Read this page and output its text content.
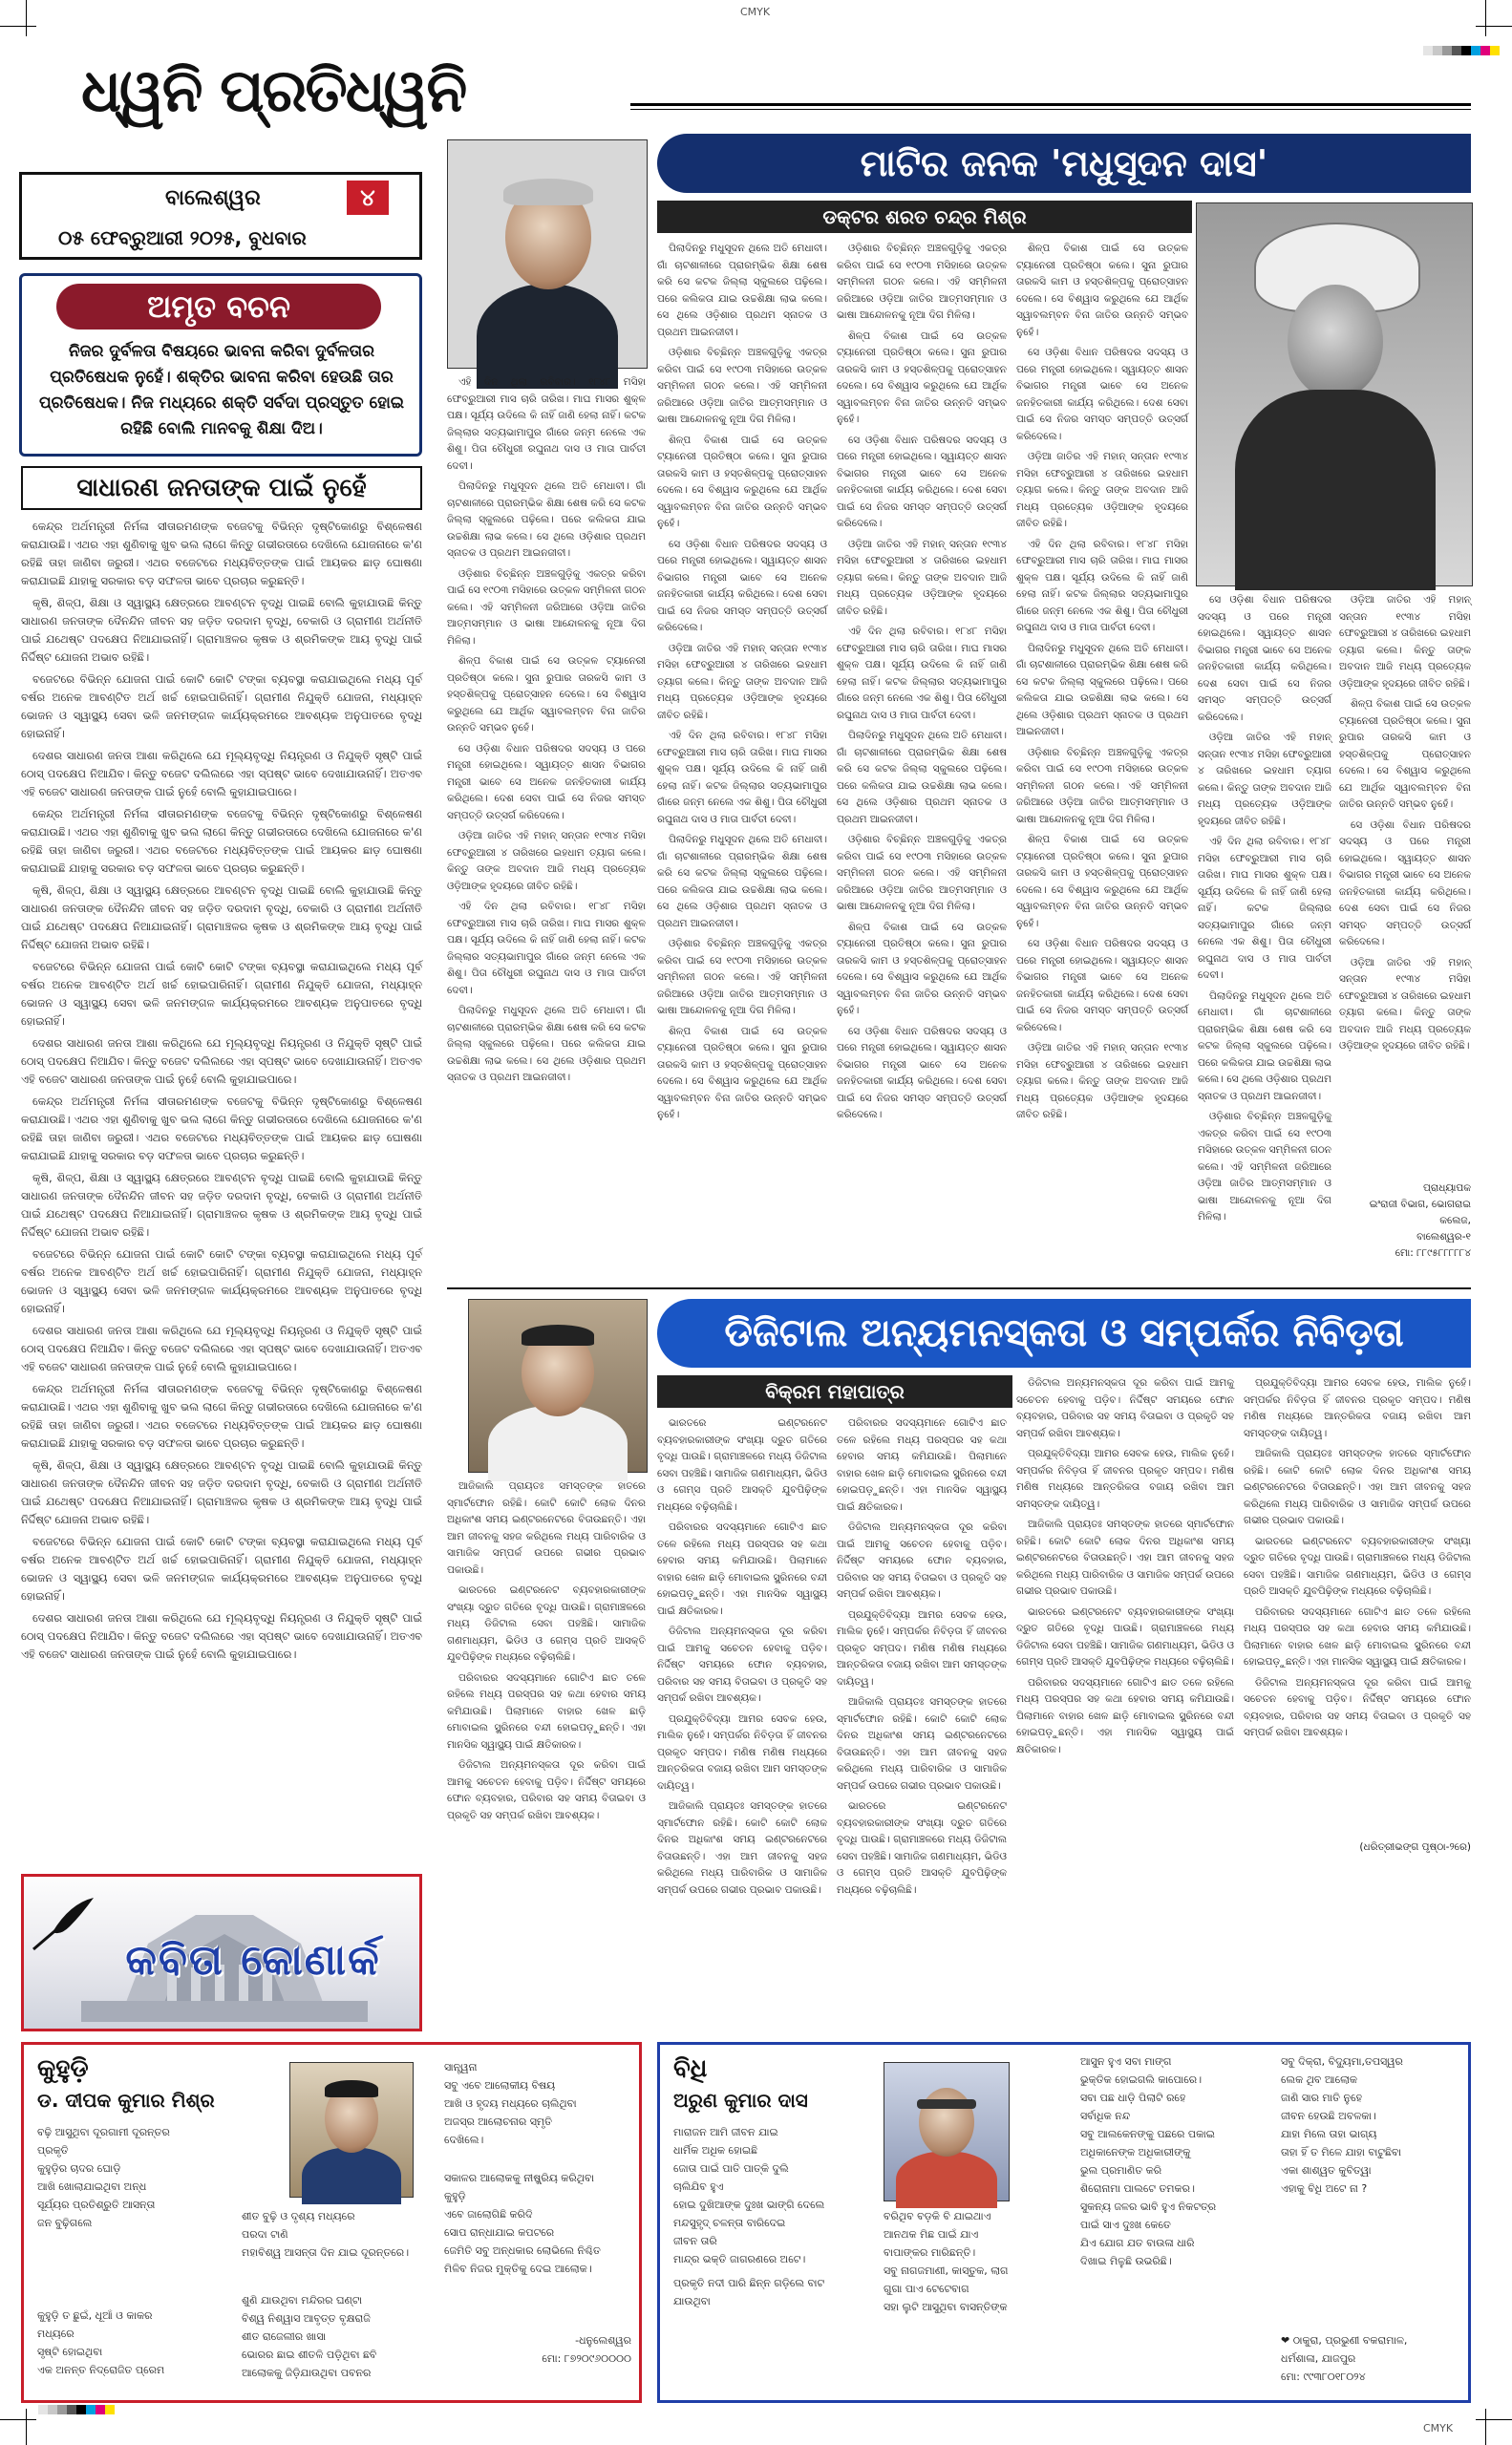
CMYK
CMYK
ଧ୍ୱନି ପ୍ରତିଧ୍ୱନି
ବାଲେଶ୍ୱର	୪
୦୫ ଫେବ୍ରୁଆରୀ ୨୦୨୫, ବୁଧବାର
ଅମୃତ ବଚନ
ନିଜର ଦୁର୍ବଳତା ବିଷୟରେ ଭାବନା କରିବା ଦୁର୍ବଳତାର ପ୍ରତିଷେଧକ ନୁହେଁ। ଶକ୍ତିର ଭାବନା କରିବା ହେଉଛି ତାର ପ୍ରତିଷେଧକ। ନିଜ ମଧ୍ୟରେ ଶକ୍ତି ସର୍ବଦା ପ୍ରସ୍ତୁତ ହୋଇ ରହିଛି ବୋଲି ମାନବକୁ ଶିକ୍ଷା ଦିଅ।
ସାଧାରଣ ଜନତାଙ୍କ ପାଇଁ ନୁହେଁ

କେନ୍ଦ୍ର ଅର୍ଥମନ୍ତ୍ରୀ ନିର୍ମଳା ସୀତାରମଣଙ୍କ ବଜେଟକୁ ବିଭିନ୍ନ ଦୃଷ୍ଟିକୋଣରୁ ବିଶ୍ଳେଷଣ କରାଯାଉଛି। ଏଥର ଏହା ଶୁଣିବାକୁ ଖୁବ ଭଲ ଲାଗେ କିନ୍ତୁ ଗଭୀରତାରେ ଦେଖିଲେ ଯୋଜନାରେ କ'ଣ ରହିଛି ତାହା ଜାଣିବା ଜରୁରୀ। ଏଥର ବଜେଟରେ ମଧ୍ୟବିତ୍ତଙ୍କ ପାଇଁ ଆୟକର ଛାଡ଼ ଘୋଷଣା କରାଯାଇଛି ଯାହାକୁ ସରକାର ବଡ଼ ସଫଳତା ଭାବେ ପ୍ରଚାର କରୁଛନ୍ତି।

କୃଷି, ଶିଳ୍ପ, ଶିକ୍ଷା ଓ ସ୍ୱାସ୍ଥ୍ୟ କ୍ଷେତ୍ରରେ ଆବଣ୍ଟନ ବୃଦ୍ଧି ପାଇଛି ବୋଲି କୁହାଯାଉଛି କିନ୍ତୁ ସାଧାରଣ ଜନତାଙ୍କ ଦୈନନ୍ଦିନ ଜୀବନ ସହ ଜଡ଼ିତ ଦରଦାମ ବୃଦ୍ଧି, ବେକାରି ଓ ଗ୍ରାମୀଣ ଅର୍ଥନୀତି ପାଇଁ ଯଥେଷ୍ଟ ପଦକ୍ଷେପ ନିଆଯାଇନାହିଁ। ଗ୍ରାମାଞ୍ଚଳର କୃଷକ ଓ ଶ୍ରମିକଙ୍କ ଆୟ ବୃଦ୍ଧି ପାଇଁ ନିର୍ଦ୍ଦିଷ୍ଟ ଯୋଜନା ଅଭାବ ରହିଛି।

ବଜେଟରେ ବିଭିନ୍ନ ଯୋଜନା ପାଇଁ କୋଟି କୋଟି ଟଙ୍କା ବ୍ୟବସ୍ଥା କରାଯାଇଥିଲେ ମଧ୍ୟ ପୂର୍ବ ବର୍ଷର ଅନେକ ଆବଣ୍ଟିତ ଅର୍ଥ ଖର୍ଚ୍ଚ ହୋଇପାରିନାହିଁ। ଗ୍ରାମୀଣ ନିଯୁକ୍ତି ଯୋଜନା, ମଧ୍ୟାହ୍ନ ଭୋଜନ ଓ ସ୍ୱାସ୍ଥ୍ୟ ସେବା ଭଳି ଜନମଙ୍ଗଳ କାର୍ଯ୍ୟକ୍ରମରେ ଆବଶ୍ୟକ ଅନୁପାତରେ ବୃଦ୍ଧି ହୋଇନାହିଁ।

ଦେଶର ସାଧାରଣ ଜନତା ଆଶା କରିଥିଲେ ଯେ ମୂଲ୍ୟବୃଦ୍ଧି ନିୟନ୍ତ୍ରଣ ଓ ନିଯୁକ୍ତି ସୃଷ୍ଟି ପାଇଁ ଠୋସ୍ ପଦକ୍ଷେପ ନିଆଯିବ। କିନ୍ତୁ ବଜେଟ ଦଲିଲରେ ଏହା ସ୍ପଷ୍ଟ ଭାବେ ଦେଖାଯାଉନାହିଁ। ଅତଏବ ଏହି ବଜେଟ ସାଧାରଣ ଜନତାଙ୍କ ପାଇଁ ନୁହେଁ ବୋଲି କୁହାଯାଇପାରେ।

କେନ୍ଦ୍ର ଅର୍ଥମନ୍ତ୍ରୀ ନିର୍ମଳା ସୀତାରମଣଙ୍କ ବଜେଟକୁ ବିଭିନ୍ନ ଦୃଷ୍ଟିକୋଣରୁ ବିଶ୍ଳେଷଣ କରାଯାଉଛି। ଏଥର ଏହା ଶୁଣିବାକୁ ଖୁବ ଭଲ ଲାଗେ କିନ୍ତୁ ଗଭୀରତାରେ ଦେଖିଲେ ଯୋଜନାରେ କ'ଣ ରହିଛି ତାହା ଜାଣିବା ଜରୁରୀ। ଏଥର ବଜେଟରେ ମଧ୍ୟବିତ୍ତଙ୍କ ପାଇଁ ଆୟକର ଛାଡ଼ ଘୋଷଣା କରାଯାଇଛି ଯାହାକୁ ସରକାର ବଡ଼ ସଫଳତା ଭାବେ ପ୍ରଚାର କରୁଛନ୍ତି।

କୃଷି, ଶିଳ୍ପ, ଶିକ୍ଷା ଓ ସ୍ୱାସ୍ଥ୍ୟ କ୍ଷେତ୍ରରେ ଆବଣ୍ଟନ ବୃଦ୍ଧି ପାଇଛି ବୋଲି କୁହାଯାଉଛି କିନ୍ତୁ ସାଧାରଣ ଜନତାଙ୍କ ଦୈନନ୍ଦିନ ଜୀବନ ସହ ଜଡ଼ିତ ଦରଦାମ ବୃଦ୍ଧି, ବେକାରି ଓ ଗ୍ରାମୀଣ ଅର୍ଥନୀତି ପାଇଁ ଯଥେଷ୍ଟ ପଦକ୍ଷେପ ନିଆଯାଇନାହିଁ। ଗ୍ରାମାଞ୍ଚଳର କୃଷକ ଓ ଶ୍ରମିକଙ୍କ ଆୟ ବୃଦ୍ଧି ପାଇଁ ନିର୍ଦ୍ଦିଷ୍ଟ ଯୋଜନା ଅଭାବ ରହିଛି।

ବଜେଟରେ ବିଭିନ୍ନ ଯୋଜନା ପାଇଁ କୋଟି କୋଟି ଟଙ୍କା ବ୍ୟବସ୍ଥା କରାଯାଇଥିଲେ ମଧ୍ୟ ପୂର୍ବ ବର୍ଷର ଅନେକ ଆବଣ୍ଟିତ ଅର୍ଥ ଖର୍ଚ୍ଚ ହୋଇପାରିନାହିଁ। ଗ୍ରାମୀଣ ନିଯୁକ୍ତି ଯୋଜନା, ମଧ୍ୟାହ୍ନ ଭୋଜନ ଓ ସ୍ୱାସ୍ଥ୍ୟ ସେବା ଭଳି ଜନମଙ୍ଗଳ କାର୍ଯ୍ୟକ୍ରମରେ ଆବଶ୍ୟକ ଅନୁପାତରେ ବୃଦ୍ଧି ହୋଇନାହିଁ।

ଦେଶର ସାଧାରଣ ଜନତା ଆଶା କରିଥିଲେ ଯେ ମୂଲ୍ୟବୃଦ୍ଧି ନିୟନ୍ତ୍ରଣ ଓ ନିଯୁକ୍ତି ସୃଷ୍ଟି ପାଇଁ ଠୋସ୍ ପଦକ୍ଷେପ ନିଆଯିବ। କିନ୍ତୁ ବଜେଟ ଦଲିଲରେ ଏହା ସ୍ପଷ୍ଟ ଭାବେ ଦେଖାଯାଉନାହିଁ। ଅତଏବ ଏହି ବଜେଟ ସାଧାରଣ ଜନତାଙ୍କ ପାଇଁ ନୁହେଁ ବୋଲି କୁହାଯାଇପାରେ।

କେନ୍ଦ୍ର ଅର୍ଥମନ୍ତ୍ରୀ ନିର୍ମଳା ସୀତାରମଣଙ୍କ ବଜେଟକୁ ବିଭିନ୍ନ ଦୃଷ୍ଟିକୋଣରୁ ବିଶ୍ଳେଷଣ କରାଯାଉଛି। ଏଥର ଏହା ଶୁଣିବାକୁ ଖୁବ ଭଲ ଲାଗେ କିନ୍ତୁ ଗଭୀରତାରେ ଦେଖିଲେ ଯୋଜନାରେ କ'ଣ ରହିଛି ତାହା ଜାଣିବା ଜରୁରୀ। ଏଥର ବଜେଟରେ ମଧ୍ୟବିତ୍ତଙ୍କ ପାଇଁ ଆୟକର ଛାଡ଼ ଘୋଷଣା କରାଯାଇଛି ଯାହାକୁ ସରକାର ବଡ଼ ସଫଳତା ଭାବେ ପ୍ରଚାର କରୁଛନ୍ତି।

କୃଷି, ଶିଳ୍ପ, ଶିକ୍ଷା ଓ ସ୍ୱାସ୍ଥ୍ୟ କ୍ଷେତ୍ରରେ ଆବଣ୍ଟନ ବୃଦ୍ଧି ପାଇଛି ବୋଲି କୁହାଯାଉଛି କିନ୍ତୁ ସାଧାରଣ ଜନତାଙ୍କ ଦୈନନ୍ଦିନ ଜୀବନ ସହ ଜଡ଼ିତ ଦରଦାମ ବୃଦ୍ଧି, ବେକାରି ଓ ଗ୍ରାମୀଣ ଅର୍ଥନୀତି ପାଇଁ ଯଥେଷ୍ଟ ପଦକ୍ଷେପ ନିଆଯାଇନାହିଁ। ଗ୍ରାମାଞ୍ଚଳର କୃଷକ ଓ ଶ୍ରମିକଙ୍କ ଆୟ ବୃଦ୍ଧି ପାଇଁ ନିର୍ଦ୍ଦିଷ୍ଟ ଯୋଜନା ଅଭାବ ରହିଛି।

ବଜେଟରେ ବିଭିନ୍ନ ଯୋଜନା ପାଇଁ କୋଟି କୋଟି ଟଙ୍କା ବ୍ୟବସ୍ଥା କରାଯାଇଥିଲେ ମଧ୍ୟ ପୂର୍ବ ବର୍ଷର ଅନେକ ଆବଣ୍ଟିତ ଅର୍ଥ ଖର୍ଚ୍ଚ ହୋଇପାରିନାହିଁ। ଗ୍ରାମୀଣ ନିଯୁକ୍ତି ଯୋଜନା, ମଧ୍ୟାହ୍ନ ଭୋଜନ ଓ ସ୍ୱାସ୍ଥ୍ୟ ସେବା ଭଳି ଜନମଙ୍ଗଳ କାର୍ଯ୍ୟକ୍ରମରେ ଆବଶ୍ୟକ ଅନୁପାତରେ ବୃଦ୍ଧି ହୋଇନାହିଁ।

ଦେଶର ସାଧାରଣ ଜନତା ଆଶା କରିଥିଲେ ଯେ ମୂଲ୍ୟବୃଦ୍ଧି ନିୟନ୍ତ୍ରଣ ଓ ନିଯୁକ୍ତି ସୃଷ୍ଟି ପାଇଁ ଠୋସ୍ ପଦକ୍ଷେପ ନିଆଯିବ। କିନ୍ତୁ ବଜେଟ ଦଲିଲରେ ଏହା ସ୍ପଷ୍ଟ ଭାବେ ଦେଖାଯାଉନାହିଁ। ଅତଏବ ଏହି ବଜେଟ ସାଧାରଣ ଜନତାଙ୍କ ପାଇଁ ନୁହେଁ ବୋଲି କୁହାଯାଇପାରେ।

କେନ୍ଦ୍ର ଅର୍ଥମନ୍ତ୍ରୀ ନିର୍ମଳା ସୀତାରମଣଙ୍କ ବଜେଟକୁ ବିଭିନ୍ନ ଦୃଷ୍ଟିକୋଣରୁ ବିଶ୍ଳେଷଣ କରାଯାଉଛି। ଏଥର ଏହା ଶୁଣିବାକୁ ଖୁବ ଭଲ ଲାଗେ କିନ୍ତୁ ଗଭୀରତାରେ ଦେଖିଲେ ଯୋଜନାରେ କ'ଣ ରହିଛି ତାହା ଜାଣିବା ଜରୁରୀ। ଏଥର ବଜେଟରେ ମଧ୍ୟବିତ୍ତଙ୍କ ପାଇଁ ଆୟକର ଛାଡ଼ ଘୋଷଣା କରାଯାଇଛି ଯାହାକୁ ସରକାର ବଡ଼ ସଫଳତା ଭାବେ ପ୍ରଚାର କରୁଛନ୍ତି।

କୃଷି, ଶିଳ୍ପ, ଶିକ୍ଷା ଓ ସ୍ୱାସ୍ଥ୍ୟ କ୍ଷେତ୍ରରେ ଆବଣ୍ଟନ ବୃଦ୍ଧି ପାଇଛି ବୋଲି କୁହାଯାଉଛି କିନ୍ତୁ ସାଧାରଣ ଜନତାଙ୍କ ଦୈନନ୍ଦିନ ଜୀବନ ସହ ଜଡ଼ିତ ଦରଦାମ ବୃଦ୍ଧି, ବେକାରି ଓ ଗ୍ରାମୀଣ ଅର୍ଥନୀତି ପାଇଁ ଯଥେଷ୍ଟ ପଦକ୍ଷେପ ନିଆଯାଇନାହିଁ। ଗ୍ରାମାଞ୍ଚଳର କୃଷକ ଓ ଶ୍ରମିକଙ୍କ ଆୟ ବୃଦ୍ଧି ପାଇଁ ନିର୍ଦ୍ଦିଷ୍ଟ ଯୋଜନା ଅଭାବ ରହିଛି।

ବଜେଟରେ ବିଭିନ୍ନ ଯୋଜନା ପାଇଁ କୋଟି କୋଟି ଟଙ୍କା ବ୍ୟବସ୍ଥା କରାଯାଇଥିଲେ ମଧ୍ୟ ପୂର୍ବ ବର୍ଷର ଅନେକ ଆବଣ୍ଟିତ ଅର୍ଥ ଖର୍ଚ୍ଚ ହୋଇପାରିନାହିଁ। ଗ୍ରାମୀଣ ନିଯୁକ୍ତି ଯୋଜନା, ମଧ୍ୟାହ୍ନ ଭୋଜନ ଓ ସ୍ୱାସ୍ଥ୍ୟ ସେବା ଭଳି ଜନମଙ୍ଗଳ କାର୍ଯ୍ୟକ୍ରମରେ ଆବଶ୍ୟକ ଅନୁପାତରେ ବୃଦ୍ଧି ହୋଇନାହିଁ।

ଦେଶର ସାଧାରଣ ଜନତା ଆଶା କରିଥିଲେ ଯେ ମୂଲ୍ୟବୃଦ୍ଧି ନିୟନ୍ତ୍ରଣ ଓ ନିଯୁକ୍ତି ସୃଷ୍ଟି ପାଇଁ ଠୋସ୍ ପଦକ୍ଷେପ ନିଆଯିବ। କିନ୍ତୁ ବଜେଟ ଦଲିଲରେ ଏହା ସ୍ପଷ୍ଟ ଭାବେ ଦେଖାଯାଉନାହିଁ। ଅତଏବ ଏହି ବଜେଟ ସାଧାରଣ ଜନତାଙ୍କ ପାଇଁ ନୁହେଁ ବୋଲି କୁହାଯାଇପାରେ।

କବିତା କୋଣାର୍କ
ମାଟିର ଜନକ 'ମଧୁସୂଦନ ଦାସ'
ଡକ୍ଟର ଶରତ ଚନ୍ଦ୍ର ମିଶ୍ର

ଏହି ଦିନ ଥିଲା ରବିବାର। ୧୮୪୮ ମସିହା ଫେବ୍ରୁଆରୀ ମାସ ଚାରି ତାରିଖ। ମାଘ ମାସର ଶୁକ୍ଳ ପକ୍ଷ। ସୂର୍ଯ୍ୟ ଉଦିଲେ କି ନାହିଁ ଜାଣି ହେଲା ନାହିଁ। କଟକ ଜିଲ୍ଲାର ସତ୍ୟଭାମାପୁର ଗାଁରେ ଜନ୍ମ ନେଲେ ଏକ ଶିଶୁ। ପିତା ଚୌଧୁରୀ ରଘୁନାଥ ଦାସ ଓ ମାତା ପାର୍ବତୀ ଦେବୀ।

ପିଲାଦିନରୁ ମଧୁସୂଦନ ଥିଲେ ଅତି ମେଧାବୀ। ଗାଁ ଚାଟଶାଳୀରେ ପ୍ରାରମ୍ଭିକ ଶିକ୍ଷା ଶେଷ କରି ସେ କଟକ ଜିଲ୍ଲା ସ୍କୁଲରେ ପଢ଼ିଲେ। ପରେ କଲିକତା ଯାଇ ଉଚ୍ଚଶିକ୍ଷା ଲାଭ କଲେ। ସେ ଥିଲେ ଓଡ଼ିଶାର ପ୍ରଥମ ସ୍ନାତକ ଓ ପ୍ରଥମ ଆଇନଜୀବୀ।

ଓଡ଼ିଶାର ବିଚ୍ଛିନ୍ନ ଅଞ୍ଚଳଗୁଡ଼ିକୁ ଏକତ୍ର କରିବା ପାଇଁ ସେ ୧୯୦୩ ମସିହାରେ ଉତ୍କଳ ସମ୍ମିଳନୀ ଗଠନ କଲେ। ଏହି ସମ୍ମିଳନୀ ଜରିଆରେ ଓଡ଼ିଆ ଜାତିର ଆତ୍ମସମ୍ମାନ ଓ ଭାଷା ଆନ୍ଦୋଳନକୁ ନୂଆ ଦିଗ ମିଳିଲା।

ଶିଳ୍ପ ବିକାଶ ପାଇଁ ସେ ଉତ୍କଳ ଟ୍ୟାନେରୀ ପ୍ରତିଷ୍ଠା କଲେ। ସୁନା ରୁପାର ତାରକସି କାମ ଓ ହସ୍ତଶିଳ୍ପକୁ ପ୍ରୋତ୍ସାହନ ଦେଲେ। ସେ ବିଶ୍ୱାସ କରୁଥିଲେ ଯେ ଆର୍ଥିକ ସ୍ୱାବଲମ୍ବନ ବିନା ଜାତିର ଉନ୍ନତି ସମ୍ଭବ ନୁହେଁ।

ସେ ଓଡ଼ିଶା ବିଧାନ ପରିଷଦର ସଦସ୍ୟ ଓ ପରେ ମନ୍ତ୍ରୀ ହୋଇଥିଲେ। ସ୍ୱାୟତ୍ତ ଶାସନ ବିଭାଗର ମନ୍ତ୍ରୀ ଭାବେ ସେ ଅନେକ ଜନହିତକାରୀ କାର୍ଯ୍ୟ କରିଥିଲେ। ଦେଶ ସେବା ପାଇଁ ସେ ନିଜର ସମସ୍ତ ସମ୍ପତ୍ତି ଉତ୍ସର୍ଗ କରିଦେଲେ।

ଓଡ଼ିଆ ଜାତିର ଏହି ମହାନ୍ ସନ୍ତାନ ୧୯୩୪ ମସିହା ଫେବ୍ରୁଆରୀ ୪ ତାରିଖରେ ଇହଧାମ ତ୍ୟାଗ କଲେ। କିନ୍ତୁ ତାଙ୍କ ଅବଦାନ ଆଜି ମଧ୍ୟ ପ୍ରତ୍ୟେକ ଓଡ଼ିଆଙ୍କ ହୃଦୟରେ ଜୀବିତ ରହିଛି।

ଏହି ଦିନ ଥିଲା ରବିବାର। ୧୮୪୮ ମସିହା ଫେବ୍ରୁଆରୀ ମାସ ଚାରି ତାରିଖ। ମାଘ ମାସର ଶୁକ୍ଳ ପକ୍ଷ। ସୂର୍ଯ୍ୟ ଉଦିଲେ କି ନାହିଁ ଜାଣି ହେଲା ନାହିଁ। କଟକ ଜିଲ୍ଲାର ସତ୍ୟଭାମାପୁର ଗାଁରେ ଜନ୍ମ ନେଲେ ଏକ ଶିଶୁ। ପିତା ଚୌଧୁରୀ ରଘୁନାଥ ଦାସ ଓ ମାତା ପାର୍ବତୀ ଦେବୀ।

ପିଲାଦିନରୁ ମଧୁସୂଦନ ଥିଲେ ଅତି ମେଧାବୀ। ଗାଁ ଚାଟଶାଳୀରେ ପ୍ରାରମ୍ଭିକ ଶିକ୍ଷା ଶେଷ କରି ସେ କଟକ ଜିଲ୍ଲା ସ୍କୁଲରେ ପଢ଼ିଲେ। ପରେ କଲିକତା ଯାଇ ଉଚ୍ଚଶିକ୍ଷା ଲାଭ କଲେ। ସେ ଥିଲେ ଓଡ଼ିଶାର ପ୍ରଥମ ସ୍ନାତକ ଓ ପ୍ରଥମ ଆଇନଜୀବୀ।

ପିଲାଦିନରୁ ମଧୁସୂଦନ ଥିଲେ ଅତି ମେଧାବୀ। ଗାଁ ଚାଟଶାଳୀରେ ପ୍ରାରମ୍ଭିକ ଶିକ୍ଷା ଶେଷ କରି ସେ କଟକ ଜିଲ୍ଲା ସ୍କୁଲରେ ପଢ଼ିଲେ। ପରେ କଲିକତା ଯାଇ ଉଚ୍ଚଶିକ୍ଷା ଲାଭ କଲେ। ସେ ଥିଲେ ଓଡ଼ିଶାର ପ୍ରଥମ ସ୍ନାତକ ଓ ପ୍ରଥମ ଆଇନଜୀବୀ।

ଓଡ଼ିଶାର ବିଚ୍ଛିନ୍ନ ଅଞ୍ଚଳଗୁଡ଼ିକୁ ଏକତ୍ର କରିବା ପାଇଁ ସେ ୧୯୦୩ ମସିହାରେ ଉତ୍କଳ ସମ୍ମିଳନୀ ଗଠନ କଲେ। ଏହି ସମ୍ମିଳନୀ ଜରିଆରେ ଓଡ଼ିଆ ଜାତିର ଆତ୍ମସମ୍ମାନ ଓ ଭାଷା ଆନ୍ଦୋଳନକୁ ନୂଆ ଦିଗ ମିଳିଲା।

ଶିଳ୍ପ ବିକାଶ ପାଇଁ ସେ ଉତ୍କଳ ଟ୍ୟାନେରୀ ପ୍ରତିଷ୍ଠା କଲେ। ସୁନା ରୁପାର ତାରକସି କାମ ଓ ହସ୍ତଶିଳ୍ପକୁ ପ୍ରୋତ୍ସାହନ ଦେଲେ। ସେ ବିଶ୍ୱାସ କରୁଥିଲେ ଯେ ଆର୍ଥିକ ସ୍ୱାବଲମ୍ବନ ବିନା ଜାତିର ଉନ୍ନତି ସମ୍ଭବ ନୁହେଁ।

ସେ ଓଡ଼ିଶା ବିଧାନ ପରିଷଦର ସଦସ୍ୟ ଓ ପରେ ମନ୍ତ୍ରୀ ହୋଇଥିଲେ। ସ୍ୱାୟତ୍ତ ଶାସନ ବିଭାଗର ମନ୍ତ୍ରୀ ଭାବେ ସେ ଅନେକ ଜନହିତକାରୀ କାର୍ଯ୍ୟ କରିଥିଲେ। ଦେଶ ସେବା ପାଇଁ ସେ ନିଜର ସମସ୍ତ ସମ୍ପତ୍ତି ଉତ୍ସର୍ଗ କରିଦେଲେ।

ଓଡ଼ିଆ ଜାତିର ଏହି ମହାନ୍ ସନ୍ତାନ ୧୯୩୪ ମସିହା ଫେବ୍ରୁଆରୀ ୪ ତାରିଖରେ ଇହଧାମ ତ୍ୟାଗ କଲେ। କିନ୍ତୁ ତାଙ୍କ ଅବଦାନ ଆଜି ମଧ୍ୟ ପ୍ରତ୍ୟେକ ଓଡ଼ିଆଙ୍କ ହୃଦୟରେ ଜୀବିତ ରହିଛି।

ଏହି ଦିନ ଥିଲା ରବିବାର। ୧୮୪୮ ମସିହା ଫେବ୍ରୁଆରୀ ମାସ ଚାରି ତାରିଖ। ମାଘ ମାସର ଶୁକ୍ଳ ପକ୍ଷ। ସୂର୍ଯ୍ୟ ଉଦିଲେ କି ନାହିଁ ଜାଣି ହେଲା ନାହିଁ। କଟକ ଜିଲ୍ଲାର ସତ୍ୟଭାମାପୁର ଗାଁରେ ଜନ୍ମ ନେଲେ ଏକ ଶିଶୁ। ପିତା ଚୌଧୁରୀ ରଘୁନାଥ ଦାସ ଓ ମାତା ପାର୍ବତୀ ଦେବୀ।

ପିଲାଦିନରୁ ମଧୁସୂଦନ ଥିଲେ ଅତି ମେଧାବୀ। ଗାଁ ଚାଟଶାଳୀରେ ପ୍ରାରମ୍ଭିକ ଶିକ୍ଷା ଶେଷ କରି ସେ କଟକ ଜିଲ୍ଲା ସ୍କୁଲରେ ପଢ଼ିଲେ। ପରେ କଲିକତା ଯାଇ ଉଚ୍ଚଶିକ୍ଷା ଲାଭ କଲେ। ସେ ଥିଲେ ଓଡ଼ିଶାର ପ୍ରଥମ ସ୍ନାତକ ଓ ପ୍ରଥମ ଆଇନଜୀବୀ।

ଓଡ଼ିଶାର ବିଚ୍ଛିନ୍ନ ଅଞ୍ଚଳଗୁଡ଼ିକୁ ଏକତ୍ର କରିବା ପାଇଁ ସେ ୧୯୦୩ ମସିହାରେ ଉତ୍କଳ ସମ୍ମିଳନୀ ଗଠନ କଲେ। ଏହି ସମ୍ମିଳନୀ ଜରିଆରେ ଓଡ଼ିଆ ଜାତିର ଆତ୍ମସମ୍ମାନ ଓ ଭାଷା ଆନ୍ଦୋଳନକୁ ନୂଆ ଦିଗ ମିଳିଲା।

ଶିଳ୍ପ ବିକାଶ ପାଇଁ ସେ ଉତ୍କଳ ଟ୍ୟାନେରୀ ପ୍ରତିଷ୍ଠା କଲେ। ସୁନା ରୁପାର ତାରକସି କାମ ଓ ହସ୍ତଶିଳ୍ପକୁ ପ୍ରୋତ୍ସାହନ ଦେଲେ। ସେ ବିଶ୍ୱାସ କରୁଥିଲେ ଯେ ଆର୍ଥିକ ସ୍ୱାବଲମ୍ବନ ବିନା ଜାତିର ଉନ୍ନତି ସମ୍ଭବ ନୁହେଁ।

ଓଡ଼ିଶାର ବିଚ୍ଛିନ୍ନ ଅଞ୍ଚଳଗୁଡ଼ିକୁ ଏକତ୍ର କରିବା ପାଇଁ ସେ ୧୯୦୩ ମସିହାରେ ଉତ୍କଳ ସମ୍ମିଳନୀ ଗଠନ କଲେ। ଏହି ସମ୍ମିଳନୀ ଜରିଆରେ ଓଡ଼ିଆ ଜାତିର ଆତ୍ମସମ୍ମାନ ଓ ଭାଷା ଆନ୍ଦୋଳନକୁ ନୂଆ ଦିଗ ମିଳିଲା।

ଶିଳ୍ପ ବିକାଶ ପାଇଁ ସେ ଉତ୍କଳ ଟ୍ୟାନେରୀ ପ୍ରତିଷ୍ଠା କଲେ। ସୁନା ରୁପାର ତାରକସି କାମ ଓ ହସ୍ତଶିଳ୍ପକୁ ପ୍ରୋତ୍ସାହନ ଦେଲେ। ସେ ବିଶ୍ୱାସ କରୁଥିଲେ ଯେ ଆର୍ଥିକ ସ୍ୱାବଲମ୍ବନ ବିନା ଜାତିର ଉନ୍ନତି ସମ୍ଭବ ନୁହେଁ।

ସେ ଓଡ଼ିଶା ବିଧାନ ପରିଷଦର ସଦସ୍ୟ ଓ ପରେ ମନ୍ତ୍ରୀ ହୋଇଥିଲେ। ସ୍ୱାୟତ୍ତ ଶାସନ ବିଭାଗର ମନ୍ତ୍ରୀ ଭାବେ ସେ ଅନେକ ଜନହିତକାରୀ କାର୍ଯ୍ୟ କରିଥିଲେ। ଦେଶ ସେବା ପାଇଁ ସେ ନିଜର ସମସ୍ତ ସମ୍ପତ୍ତି ଉତ୍ସର୍ଗ କରିଦେଲେ।

ଓଡ଼ିଆ ଜାତିର ଏହି ମହାନ୍ ସନ୍ତାନ ୧୯୩୪ ମସିହା ଫେବ୍ରୁଆରୀ ୪ ତାରିଖରେ ଇହଧାମ ତ୍ୟାଗ କଲେ। କିନ୍ତୁ ତାଙ୍କ ଅବଦାନ ଆଜି ମଧ୍ୟ ପ୍ରତ୍ୟେକ ଓଡ଼ିଆଙ୍କ ହୃଦୟରେ ଜୀବିତ ରହିଛି।

ଏହି ଦିନ ଥିଲା ରବିବାର। ୧୮୪୮ ମସିହା ଫେବ୍ରୁଆରୀ ମାସ ଚାରି ତାରିଖ। ମାଘ ମାସର ଶୁକ୍ଳ ପକ୍ଷ। ସୂର୍ଯ୍ୟ ଉଦିଲେ କି ନାହିଁ ଜାଣି ହେଲା ନାହିଁ। କଟକ ଜିଲ୍ଲାର ସତ୍ୟଭାମାପୁର ଗାଁରେ ଜନ୍ମ ନେଲେ ଏକ ଶିଶୁ। ପିତା ଚୌଧୁରୀ ରଘୁନାଥ ଦାସ ଓ ମାତା ପାର୍ବତୀ ଦେବୀ।

ପିଲାଦିନରୁ ମଧୁସୂଦନ ଥିଲେ ଅତି ମେଧାବୀ। ଗାଁ ଚାଟଶାଳୀରେ ପ୍ରାରମ୍ଭିକ ଶିକ୍ଷା ଶେଷ କରି ସେ କଟକ ଜିଲ୍ଲା ସ୍କୁଲରେ ପଢ଼ିଲେ। ପରେ କଲିକତା ଯାଇ ଉଚ୍ଚଶିକ୍ଷା ଲାଭ କଲେ। ସେ ଥିଲେ ଓଡ଼ିଶାର ପ୍ରଥମ ସ୍ନାତକ ଓ ପ୍ରଥମ ଆଇନଜୀବୀ।

ଓଡ଼ିଶାର ବିଚ୍ଛିନ୍ନ ଅଞ୍ଚଳଗୁଡ଼ିକୁ ଏକତ୍ର କରିବା ପାଇଁ ସେ ୧୯୦୩ ମସିହାରେ ଉତ୍କଳ ସମ୍ମିଳନୀ ଗଠନ କଲେ। ଏହି ସମ୍ମିଳନୀ ଜରିଆରେ ଓଡ଼ିଆ ଜାତିର ଆତ୍ମସମ୍ମାନ ଓ ଭାଷା ଆନ୍ଦୋଳନକୁ ନୂଆ ଦିଗ ମିଳିଲା।

ଶିଳ୍ପ ବିକାଶ ପାଇଁ ସେ ଉତ୍କଳ ଟ୍ୟାନେରୀ ପ୍ରତିଷ୍ଠା କଲେ। ସୁନା ରୁପାର ତାରକସି କାମ ଓ ହସ୍ତଶିଳ୍ପକୁ ପ୍ରୋତ୍ସାହନ ଦେଲେ। ସେ ବିଶ୍ୱାସ କରୁଥିଲେ ଯେ ଆର୍ଥିକ ସ୍ୱାବଲମ୍ବନ ବିନା ଜାତିର ଉନ୍ନତି ସମ୍ଭବ ନୁହେଁ।

ସେ ଓଡ଼ିଶା ବିଧାନ ପରିଷଦର ସଦସ୍ୟ ଓ ପରେ ମନ୍ତ୍ରୀ ହୋଇଥିଲେ। ସ୍ୱାୟତ୍ତ ଶାସନ ବିଭାଗର ମନ୍ତ୍ରୀ ଭାବେ ସେ ଅନେକ ଜନହିତକାରୀ କାର୍ଯ୍ୟ କରିଥିଲେ। ଦେଶ ସେବା ପାଇଁ ସେ ନିଜର ସମସ୍ତ ସମ୍ପତ୍ତି ଉତ୍ସର୍ଗ କରିଦେଲେ।

ଶିଳ୍ପ ବିକାଶ ପାଇଁ ସେ ଉତ୍କଳ ଟ୍ୟାନେରୀ ପ୍ରତିଷ୍ଠା କଲେ। ସୁନା ରୁପାର ତାରକସି କାମ ଓ ହସ୍ତଶିଳ୍ପକୁ ପ୍ରୋତ୍ସାହନ ଦେଲେ। ସେ ବିଶ୍ୱାସ କରୁଥିଲେ ଯେ ଆର୍ଥିକ ସ୍ୱାବଲମ୍ବନ ବିନା ଜାତିର ଉନ୍ନତି ସମ୍ଭବ ନୁହେଁ।

ସେ ଓଡ଼ିଶା ବିଧାନ ପରିଷଦର ସଦସ୍ୟ ଓ ପରେ ମନ୍ତ୍ରୀ ହୋଇଥିଲେ। ସ୍ୱାୟତ୍ତ ଶାସନ ବିଭାଗର ମନ୍ତ୍ରୀ ଭାବେ ସେ ଅନେକ ଜନହିତକାରୀ କାର୍ଯ୍ୟ କରିଥିଲେ। ଦେଶ ସେବା ପାଇଁ ସେ ନିଜର ସମସ୍ତ ସମ୍ପତ୍ତି ଉତ୍ସର୍ଗ କରିଦେଲେ।

ଓଡ଼ିଆ ଜାତିର ଏହି ମହାନ୍ ସନ୍ତାନ ୧୯୩୪ ମସିହା ଫେବ୍ରୁଆରୀ ୪ ତାରିଖରେ ଇହଧାମ ତ୍ୟାଗ କଲେ। କିନ୍ତୁ ତାଙ୍କ ଅବଦାନ ଆଜି ମଧ୍ୟ ପ୍ରତ୍ୟେକ ଓଡ଼ିଆଙ୍କ ହୃଦୟରେ ଜୀବିତ ରହିଛି।

ଏହି ଦିନ ଥିଲା ରବିବାର। ୧୮୪୮ ମସିହା ଫେବ୍ରୁଆରୀ ମାସ ଚାରି ତାରିଖ। ମାଘ ମାସର ଶୁକ୍ଳ ପକ୍ଷ। ସୂର୍ଯ୍ୟ ଉଦିଲେ କି ନାହିଁ ଜାଣି ହେଲା ନାହିଁ। କଟକ ଜିଲ୍ଲାର ସତ୍ୟଭାମାପୁର ଗାଁରେ ଜନ୍ମ ନେଲେ ଏକ ଶିଶୁ। ପିତା ଚୌଧୁରୀ ରଘୁନାଥ ଦାସ ଓ ମାତା ପାର୍ବତୀ ଦେବୀ।

ପିଲାଦିନରୁ ମଧୁସୂଦନ ଥିଲେ ଅତି ମେଧାବୀ। ଗାଁ ଚାଟଶାଳୀରେ ପ୍ରାରମ୍ଭିକ ଶିକ୍ଷା ଶେଷ କରି ସେ କଟକ ଜିଲ୍ଲା ସ୍କୁଲରେ ପଢ଼ିଲେ। ପରେ କଲିକତା ଯାଇ ଉଚ୍ଚଶିକ୍ଷା ଲାଭ କଲେ। ସେ ଥିଲେ ଓଡ଼ିଶାର ପ୍ରଥମ ସ୍ନାତକ ଓ ପ୍ରଥମ ଆଇନଜୀବୀ।

ଓଡ଼ିଶାର ବିଚ୍ଛିନ୍ନ ଅଞ୍ଚଳଗୁଡ଼ିକୁ ଏକତ୍ର କରିବା ପାଇଁ ସେ ୧୯୦୩ ମସିହାରେ ଉତ୍କଳ ସମ୍ମିଳନୀ ଗଠନ କଲେ। ଏହି ସମ୍ମିଳନୀ ଜରିଆରେ ଓଡ଼ିଆ ଜାତିର ଆତ୍ମସମ୍ମାନ ଓ ଭାଷା ଆନ୍ଦୋଳନକୁ ନୂଆ ଦିଗ ମିଳିଲା।

ଶିଳ୍ପ ବିକାଶ ପାଇଁ ସେ ଉତ୍କଳ ଟ୍ୟାନେରୀ ପ୍ରତିଷ୍ଠା କଲେ। ସୁନା ରୁପାର ତାରକସି କାମ ଓ ହସ୍ତଶିଳ୍ପକୁ ପ୍ରୋତ୍ସାହନ ଦେଲେ। ସେ ବିଶ୍ୱାସ କରୁଥିଲେ ଯେ ଆର୍ଥିକ ସ୍ୱାବଲମ୍ବନ ବିନା ଜାତିର ଉନ୍ନତି ସମ୍ଭବ ନୁହେଁ।

ସେ ଓଡ଼ିଶା ବିଧାନ ପରିଷଦର ସଦସ୍ୟ ଓ ପରେ ମନ୍ତ୍ରୀ ହୋଇଥିଲେ। ସ୍ୱାୟତ୍ତ ଶାସନ ବିଭାଗର ମନ୍ତ୍ରୀ ଭାବେ ସେ ଅନେକ ଜନହିତକାରୀ କାର୍ଯ୍ୟ କରିଥିଲେ। ଦେଶ ସେବା ପାଇଁ ସେ ନିଜର ସମସ୍ତ ସମ୍ପତ୍ତି ଉତ୍ସର୍ଗ କରିଦେଲେ।

ଓଡ଼ିଆ ଜାତିର ଏହି ମହାନ୍ ସନ୍ତାନ ୧୯୩୪ ମସିହା ଫେବ୍ରୁଆରୀ ୪ ତାରିଖରେ ଇହଧାମ ତ୍ୟାଗ କଲେ। କିନ୍ତୁ ତାଙ୍କ ଅବଦାନ ଆଜି ମଧ୍ୟ ପ୍ରତ୍ୟେକ ଓଡ଼ିଆଙ୍କ ହୃଦୟରେ ଜୀବିତ ରହିଛି।

ସେ ଓଡ଼ିଶା ବିଧାନ ପରିଷଦର ସଦସ୍ୟ ଓ ପରେ ମନ୍ତ୍ରୀ ହୋଇଥିଲେ। ସ୍ୱାୟତ୍ତ ଶାସନ ବିଭାଗର ମନ୍ତ୍ରୀ ଭାବେ ସେ ଅନେକ ଜନହିତକାରୀ କାର୍ଯ୍ୟ କରିଥିଲେ। ଦେଶ ସେବା ପାଇଁ ସେ ନିଜର ସମସ୍ତ ସମ୍ପତ୍ତି ଉତ୍ସର୍ଗ କରିଦେଲେ।

ଓଡ଼ିଆ ଜାତିର ଏହି ମହାନ୍ ସନ୍ତାନ ୧୯୩୪ ମସିହା ଫେବ୍ରୁଆରୀ ୪ ତାରିଖରେ ଇହଧାମ ତ୍ୟାଗ କଲେ। କିନ୍ତୁ ତାଙ୍କ ଅବଦାନ ଆଜି ମଧ୍ୟ ପ୍ରତ୍ୟେକ ଓଡ଼ିଆଙ୍କ ହୃଦୟରେ ଜୀବିତ ରହିଛି।

ଏହି ଦିନ ଥିଲା ରବିବାର। ୧୮୪୮ ମସିହା ଫେବ୍ରୁଆରୀ ମାସ ଚାରି ତାରିଖ। ମାଘ ମାସର ଶୁକ୍ଳ ପକ୍ଷ। ସୂର୍ଯ୍ୟ ଉଦିଲେ କି ନାହିଁ ଜାଣି ହେଲା ନାହିଁ। କଟକ ଜିଲ୍ଲାର ସତ୍ୟଭାମାପୁର ଗାଁରେ ଜନ୍ମ ନେଲେ ଏକ ଶିଶୁ। ପିତା ଚୌଧୁରୀ ରଘୁନାଥ ଦାସ ଓ ମାତା ପାର୍ବତୀ ଦେବୀ।

ପିଲାଦିନରୁ ମଧୁସୂଦନ ଥିଲେ ଅତି ମେଧାବୀ। ଗାଁ ଚାଟଶାଳୀରେ ପ୍ରାରମ୍ଭିକ ଶିକ୍ଷା ଶେଷ କରି ସେ କଟକ ଜିଲ୍ଲା ସ୍କୁଲରେ ପଢ଼ିଲେ। ପରେ କଲିକତା ଯାଇ ଉଚ୍ଚଶିକ୍ଷା ଲାଭ କଲେ। ସେ ଥିଲେ ଓଡ଼ିଶାର ପ୍ରଥମ ସ୍ନାତକ ଓ ପ୍ରଥମ ଆଇନଜୀବୀ।

ଓଡ଼ିଶାର ବିଚ୍ଛିନ୍ନ ଅଞ୍ଚଳଗୁଡ଼ିକୁ ଏକତ୍ର କରିବା ପାଇଁ ସେ ୧୯୦୩ ମସିହାରେ ଉତ୍କଳ ସମ୍ମିଳନୀ ଗଠନ କଲେ। ଏହି ସମ୍ମିଳନୀ ଜରିଆରେ ଓଡ଼ିଆ ଜାତିର ଆତ୍ମସମ୍ମାନ ଓ ଭାଷା ଆନ୍ଦୋଳନକୁ ନୂଆ ଦିଗ ମିଳିଲା।

ଓଡ଼ିଆ ଜାତିର ଏହି ମହାନ୍ ସନ୍ତାନ ୧୯୩୪ ମସିହା ଫେବ୍ରୁଆରୀ ୪ ତାରିଖରେ ଇହଧାମ ତ୍ୟାଗ କଲେ। କିନ୍ତୁ ତାଙ୍କ ଅବଦାନ ଆଜି ମଧ୍ୟ ପ୍ରତ୍ୟେକ ଓଡ଼ିଆଙ୍କ ହୃଦୟରେ ଜୀବିତ ରହିଛି।

ଶିଳ୍ପ ବିକାଶ ପାଇଁ ସେ ଉତ୍କଳ ଟ୍ୟାନେରୀ ପ୍ରତିଷ୍ଠା କଲେ। ସୁନା ରୁପାର ତାରକସି କାମ ଓ ହସ୍ତଶିଳ୍ପକୁ ପ୍ରୋତ୍ସାହନ ଦେଲେ। ସେ ବିଶ୍ୱାସ କରୁଥିଲେ ଯେ ଆର୍ଥିକ ସ୍ୱାବଲମ୍ବନ ବିନା ଜାତିର ଉନ୍ନତି ସମ୍ଭବ ନୁହେଁ।

ସେ ଓଡ଼ିଶା ବିଧାନ ପରିଷଦର ସଦସ୍ୟ ଓ ପରେ ମନ୍ତ୍ରୀ ହୋଇଥିଲେ। ସ୍ୱାୟତ୍ତ ଶାସନ ବିଭାଗର ମନ୍ତ୍ରୀ ଭାବେ ସେ ଅନେକ ଜନହିତକାରୀ କାର୍ଯ୍ୟ କରିଥିଲେ। ଦେଶ ସେବା ପାଇଁ ସେ ନିଜର ସମସ୍ତ ସମ୍ପତ୍ତି ଉତ୍ସର୍ଗ କରିଦେଲେ।

ଓଡ଼ିଆ ଜାତିର ଏହି ମହାନ୍ ସନ୍ତାନ ୧୯୩୪ ମସିହା ଫେବ୍ରୁଆରୀ ୪ ତାରିଖରେ ଇହଧାମ ତ୍ୟାଗ କଲେ। କିନ୍ତୁ ତାଙ୍କ ଅବଦାନ ଆଜି ମଧ୍ୟ ପ୍ରତ୍ୟେକ ଓଡ଼ିଆଙ୍କ ହୃଦୟରେ ଜୀବିତ ରହିଛି।

ପ୍ରାଧ୍ୟାପକ
ଇଂରାଜୀ ବିଭାଗ, ଭୋଗରାଇ କଲେଜ,
ବାଲେଶ୍ୱର-୧
ମୋ: ୮୮୯୫୮୮୮୮୮୪
ଡିଜିଟାଲ ଅନ୍ୟମନସ୍କତା ଓ ସମ୍ପର୍କର ନିବିଡ଼ତା
ବିକ୍ରମ ମହାପାତ୍ର

ଆଜିକାଲି ପ୍ରାୟତଃ ସମସ୍ତଙ୍କ ହାତରେ ସ୍ମାର୍ଟଫୋନ ରହିଛି। କୋଟି କୋଟି ଲୋକ ଦିନର ଅଧିକାଂଶ ସମୟ ଇଣ୍ଟରନେଟରେ ବିତାଉଛନ୍ତି। ଏହା ଆମ ଜୀବନକୁ ସହଜ କରିଥିଲେ ମଧ୍ୟ ପାରିବାରିକ ଓ ସାମାଜିକ ସମ୍ପର୍କ ଉପରେ ଗଭୀର ପ୍ରଭାବ ପକାଉଛି।

ଭାରତରେ ଇଣ୍ଟରନେଟ ବ୍ୟବହାରକାରୀଙ୍କ ସଂଖ୍ୟା ଦ୍ରୁତ ଗତିରେ ବୃଦ୍ଧି ପାଉଛି। ଗ୍ରାମାଞ୍ଚଳରେ ମଧ୍ୟ ଡିଜିଟାଲ ସେବା ପହଞ୍ଚିଛି। ସାମାଜିକ ଗଣମାଧ୍ୟମ, ଭିଡିଓ ଓ ଗେମ୍ସ ପ୍ରତି ଆସକ୍ତି ଯୁବପିଢ଼ିଙ୍କ ମଧ୍ୟରେ ବଢ଼ିଚାଲିଛି।

ପରିବାରର ସଦସ୍ୟମାନେ ଗୋଟିଏ ଛାତ ତଳେ ରହିଲେ ମଧ୍ୟ ପରସ୍ପର ସହ କଥା ହେବାର ସମୟ କମିଯାଉଛି। ପିଲାମାନେ ବାହାର ଖେଳ ଛାଡ଼ି ମୋବାଇଲ ସ୍କ୍ରିନରେ ବନ୍ଦୀ ହୋଇପଡ଼ୁଛନ୍ତି। ଏହା ମାନସିକ ସ୍ୱାସ୍ଥ୍ୟ ପାଇଁ କ୍ଷତିକାରକ।

ଡିଜିଟାଲ ଅନ୍ୟମନସ୍କତା ଦୂର କରିବା ପାଇଁ ଆମକୁ ସଚେତନ ହେବାକୁ ପଡ଼ିବ। ନିର୍ଦ୍ଦିଷ୍ଟ ସମୟରେ ଫୋନ ବ୍ୟବହାର, ପରିବାର ସହ ସମୟ ବିତାଇବା ଓ ପ୍ରକୃତି ସହ ସମ୍ପର୍କ ରଖିବା ଆବଶ୍ୟକ।

ଭାରତରେ ଇଣ୍ଟରନେଟ ବ୍ୟବହାରକାରୀଙ୍କ ସଂଖ୍ୟା ଦ୍ରୁତ ଗତିରେ ବୃଦ୍ଧି ପାଉଛି। ଗ୍ରାମାଞ୍ଚଳରେ ମଧ୍ୟ ଡିଜିଟାଲ ସେବା ପହଞ୍ଚିଛି। ସାମାଜିକ ଗଣମାଧ୍ୟମ, ଭିଡିଓ ଓ ଗେମ୍ସ ପ୍ରତି ଆସକ୍ତି ଯୁବପିଢ଼ିଙ୍କ ମଧ୍ୟରେ ବଢ଼ିଚାଲିଛି।

ପରିବାରର ସଦସ୍ୟମାନେ ଗୋଟିଏ ଛାତ ତଳେ ରହିଲେ ମଧ୍ୟ ପରସ୍ପର ସହ କଥା ହେବାର ସମୟ କମିଯାଉଛି। ପିଲାମାନେ ବାହାର ଖେଳ ଛାଡ଼ି ମୋବାଇଲ ସ୍କ୍ରିନରେ ବନ୍ଦୀ ହୋଇପଡ଼ୁଛନ୍ତି। ଏହା ମାନସିକ ସ୍ୱାସ୍ଥ୍ୟ ପାଇଁ କ୍ଷତିକାରକ।

ଡିଜିଟାଲ ଅନ୍ୟମନସ୍କତା ଦୂର କରିବା ପାଇଁ ଆମକୁ ସଚେତନ ହେବାକୁ ପଡ଼ିବ। ନିର୍ଦ୍ଦିଷ୍ଟ ସମୟରେ ଫୋନ ବ୍ୟବହାର, ପରିବାର ସହ ସମୟ ବିତାଇବା ଓ ପ୍ରକୃତି ସହ ସମ୍ପର୍କ ରଖିବା ଆବଶ୍ୟକ।

ପ୍ରଯୁକ୍ତିବିଦ୍ୟା ଆମର ସେବକ ହେଉ, ମାଲିକ ନୁହେଁ। ସମ୍ପର୍କର ନିବିଡ଼ତା ହିଁ ଜୀବନର ପ୍ରକୃତ ସମ୍ପଦ। ମଣିଷ ମଣିଷ ମଧ୍ୟରେ ଆନ୍ତରିକତା ବଜାୟ ରଖିବା ଆମ ସମସ୍ତଙ୍କ ଦାୟିତ୍ୱ।

ଆଜିକାଲି ପ୍ରାୟତଃ ସମସ୍ତଙ୍କ ହାତରେ ସ୍ମାର୍ଟଫୋନ ରହିଛି। କୋଟି କୋଟି ଲୋକ ଦିନର ଅଧିକାଂଶ ସମୟ ଇଣ୍ଟରନେଟରେ ବିତାଉଛନ୍ତି। ଏହା ଆମ ଜୀବନକୁ ସହଜ କରିଥିଲେ ମଧ୍ୟ ପାରିବାରିକ ଓ ସାମାଜିକ ସମ୍ପର୍କ ଉପରେ ଗଭୀର ପ୍ରଭାବ ପକାଉଛି।

ପରିବାରର ସଦସ୍ୟମାନେ ଗୋଟିଏ ଛାତ ତଳେ ରହିଲେ ମଧ୍ୟ ପରସ୍ପର ସହ କଥା ହେବାର ସମୟ କମିଯାଉଛି। ପିଲାମାନେ ବାହାର ଖେଳ ଛାଡ଼ି ମୋବାଇଲ ସ୍କ୍ରିନରେ ବନ୍ଦୀ ହୋଇପଡ଼ୁଛନ୍ତି। ଏହା ମାନସିକ ସ୍ୱାସ୍ଥ୍ୟ ପାଇଁ କ୍ଷତିକାରକ।

ଡିଜିଟାଲ ଅନ୍ୟମନସ୍କତା ଦୂର କରିବା ପାଇଁ ଆମକୁ ସଚେତନ ହେବାକୁ ପଡ଼ିବ। ନିର୍ଦ୍ଦିଷ୍ଟ ସମୟରେ ଫୋନ ବ୍ୟବହାର, ପରିବାର ସହ ସମୟ ବିତାଇବା ଓ ପ୍ରକୃତି ସହ ସମ୍ପର୍କ ରଖିବା ଆବଶ୍ୟକ।

ପ୍ରଯୁକ୍ତିବିଦ୍ୟା ଆମର ସେବକ ହେଉ, ମାଲିକ ନୁହେଁ। ସମ୍ପର୍କର ନିବିଡ଼ତା ହିଁ ଜୀବନର ପ୍ରକୃତ ସମ୍ପଦ। ମଣିଷ ମଣିଷ ମଧ୍ୟରେ ଆନ୍ତରିକତା ବଜାୟ ରଖିବା ଆମ ସମସ୍ତଙ୍କ ଦାୟିତ୍ୱ।

ଆଜିକାଲି ପ୍ରାୟତଃ ସମସ୍ତଙ୍କ ହାତରେ ସ୍ମାର୍ଟଫୋନ ରହିଛି। କୋଟି କୋଟି ଲୋକ ଦିନର ଅଧିକାଂଶ ସମୟ ଇଣ୍ଟରନେଟରେ ବିତାଉଛନ୍ତି। ଏହା ଆମ ଜୀବନକୁ ସହଜ କରିଥିଲେ ମଧ୍ୟ ପାରିବାରିକ ଓ ସାମାଜିକ ସମ୍ପର୍କ ଉପରେ ଗଭୀର ପ୍ରଭାବ ପକାଉଛି।

ଭାରତରେ ଇଣ୍ଟରନେଟ ବ୍ୟବହାରକାରୀଙ୍କ ସଂଖ୍ୟା ଦ୍ରୁତ ଗତିରେ ବୃଦ୍ଧି ପାଉଛି। ଗ୍ରାମାଞ୍ଚଳରେ ମଧ୍ୟ ଡିଜିଟାଲ ସେବା ପହଞ୍ଚିଛି। ସାମାଜିକ ଗଣମାଧ୍ୟମ, ଭିଡିଓ ଓ ଗେମ୍ସ ପ୍ରତି ଆସକ୍ତି ଯୁବପିଢ଼ିଙ୍କ ମଧ୍ୟରେ ବଢ଼ିଚାଲିଛି।

ଡିଜିଟାଲ ଅନ୍ୟମନସ୍କତା ଦୂର କରିବା ପାଇଁ ଆମକୁ ସଚେତନ ହେବାକୁ ପଡ଼ିବ। ନିର୍ଦ୍ଦିଷ୍ଟ ସମୟରେ ଫୋନ ବ୍ୟବହାର, ପରିବାର ସହ ସମୟ ବିତାଇବା ଓ ପ୍ରକୃତି ସହ ସମ୍ପର୍କ ରଖିବା ଆବଶ୍ୟକ।

ପ୍ରଯୁକ୍ତିବିଦ୍ୟା ଆମର ସେବକ ହେଉ, ମାଲିକ ନୁହେଁ। ସମ୍ପର୍କର ନିବିଡ଼ତା ହିଁ ଜୀବନର ପ୍ରକୃତ ସମ୍ପଦ। ମଣିଷ ମଣିଷ ମଧ୍ୟରେ ଆନ୍ତରିକତା ବଜାୟ ରଖିବା ଆମ ସମସ୍ତଙ୍କ ଦାୟିତ୍ୱ।

ଆଜିକାଲି ପ୍ରାୟତଃ ସମସ୍ତଙ୍କ ହାତରେ ସ୍ମାର୍ଟଫୋନ ରହିଛି। କୋଟି କୋଟି ଲୋକ ଦିନର ଅଧିକାଂଶ ସମୟ ଇଣ୍ଟରନେଟରେ ବିତାଉଛନ୍ତି। ଏହା ଆମ ଜୀବନକୁ ସହଜ କରିଥିଲେ ମଧ୍ୟ ପାରିବାରିକ ଓ ସାମାଜିକ ସମ୍ପର୍କ ଉପରେ ଗଭୀର ପ୍ରଭାବ ପକାଉଛି।

ଭାରତରେ ଇଣ୍ଟରନେଟ ବ୍ୟବହାରକାରୀଙ୍କ ସଂଖ୍ୟା ଦ୍ରୁତ ଗତିରେ ବୃଦ୍ଧି ପାଉଛି। ଗ୍ରାମାଞ୍ଚଳରେ ମଧ୍ୟ ଡିଜିଟାଲ ସେବା ପହଞ୍ଚିଛି। ସାମାଜିକ ଗଣମାଧ୍ୟମ, ଭିଡିଓ ଓ ଗେମ୍ସ ପ୍ରତି ଆସକ୍ତି ଯୁବପିଢ଼ିଙ୍କ ମଧ୍ୟରେ ବଢ଼ିଚାଲିଛି।

ପରିବାରର ସଦସ୍ୟମାନେ ଗୋଟିଏ ଛାତ ତଳେ ରହିଲେ ମଧ୍ୟ ପରସ୍ପର ସହ କଥା ହେବାର ସମୟ କମିଯାଉଛି। ପିଲାମାନେ ବାହାର ଖେଳ ଛାଡ଼ି ମୋବାଇଲ ସ୍କ୍ରିନରେ ବନ୍ଦୀ ହୋଇପଡ଼ୁଛନ୍ତି। ଏହା ମାନସିକ ସ୍ୱାସ୍ଥ୍ୟ ପାଇଁ କ୍ଷତିକାରକ।

ପ୍ରଯୁକ୍ତିବିଦ୍ୟା ଆମର ସେବକ ହେଉ, ମାଲିକ ନୁହେଁ। ସମ୍ପର୍କର ନିବିଡ଼ତା ହିଁ ଜୀବନର ପ୍ରକୃତ ସମ୍ପଦ। ମଣିଷ ମଣିଷ ମଧ୍ୟରେ ଆନ୍ତରିକତା ବଜାୟ ରଖିବା ଆମ ସମସ୍ତଙ୍କ ଦାୟିତ୍ୱ।

ଆଜିକାଲି ପ୍ରାୟତଃ ସମସ୍ତଙ୍କ ହାତରେ ସ୍ମାର୍ଟଫୋନ ରହିଛି। କୋଟି କୋଟି ଲୋକ ଦିନର ଅଧିକାଂଶ ସମୟ ଇଣ୍ଟରନେଟରେ ବିତାଉଛନ୍ତି। ଏହା ଆମ ଜୀବନକୁ ସହଜ କରିଥିଲେ ମଧ୍ୟ ପାରିବାରିକ ଓ ସାମାଜିକ ସମ୍ପର୍କ ଉପରେ ଗଭୀର ପ୍ରଭାବ ପକାଉଛି।

ଭାରତରେ ଇଣ୍ଟରନେଟ ବ୍ୟବହାରକାରୀଙ୍କ ସଂଖ୍ୟା ଦ୍ରୁତ ଗତିରେ ବୃଦ୍ଧି ପାଉଛି। ଗ୍ରାମାଞ୍ଚଳରେ ମଧ୍ୟ ଡିଜିଟାଲ ସେବା ପହଞ୍ଚିଛି। ସାମାଜିକ ଗଣମାଧ୍ୟମ, ଭିଡିଓ ଓ ଗେମ୍ସ ପ୍ରତି ଆସକ୍ତି ଯୁବପିଢ଼ିଙ୍କ ମଧ୍ୟରେ ବଢ଼ିଚାଲିଛି।

ପରିବାରର ସଦସ୍ୟମାନେ ଗୋଟିଏ ଛାତ ତଳେ ରହିଲେ ମଧ୍ୟ ପରସ୍ପର ସହ କଥା ହେବାର ସମୟ କମିଯାଉଛି। ପିଲାମାନେ ବାହାର ଖେଳ ଛାଡ଼ି ମୋବାଇଲ ସ୍କ୍ରିନରେ ବନ୍ଦୀ ହୋଇପଡ଼ୁଛନ୍ତି। ଏହା ମାନସିକ ସ୍ୱାସ୍ଥ୍ୟ ପାଇଁ କ୍ଷତିକାରକ।

ଡିଜିଟାଲ ଅନ୍ୟମନସ୍କତା ଦୂର କରିବା ପାଇଁ ଆମକୁ ସଚେତନ ହେବାକୁ ପଡ଼ିବ। ନିର୍ଦ୍ଦିଷ୍ଟ ସମୟରେ ଫୋନ ବ୍ୟବହାର, ପରିବାର ସହ ସମୟ ବିତାଇବା ଓ ପ୍ରକୃତି ସହ ସମ୍ପର୍କ ରଖିବା ଆବଶ୍ୟକ।

(ଧରିତ୍ରୀଭଙ୍ଗ ପୃଷ୍ଠା-୨ରେ)
କୁହୁଡ଼ି
ଡ. ଦୀପକ କୁମାର ମିଶ୍ର
ବଢ଼ି ଆସୁଥିବା ଦୂରଗାମୀ ଦୂରନ୍ତର
ପ୍ରକୃତି
କୁହୁଡ଼ିର ଚାଦର ଘୋଡ଼ି
ଆଖି ଖୋଲାଯାଇଥିବା ଅନ୍ଧ
ସୂର୍ଯ୍ୟର ପ୍ରତିଶ୍ରୁତି ଆସନ୍ତା
ଜନ ବୁଢ଼ିଗଲେ
ଶୀତ ବୁଢ଼ି ଓ ଦୃଶ୍ୟ ମଧ୍ୟରେ
ପରଦା ଟାଣି
ମହାବିଶ୍ୱ ଆସନ୍ତା ଦିନ ଯାଇ ଦୂରନ୍ତରେ।
କୁହୁଡ଼ି ତ ଛୁଇଁ, ଧୂଆଁ ଓ କାକର
ମଧ୍ୟରେ
ସୃଷ୍ଟି ହୋଇଥିବା
ଏକ ଅନନ୍ତ ନିଦ୍ରୋଜିତ ପ୍ରେମ
ଶୁଣି ଯାଉଥିବା ମନ୍ଦିରର ଘଣ୍ଟା
ବିଶ୍ୱ ନିଶ୍ୱାସ ଆବୃତ୍ତ ବୃକ୍ଷରାଜି
ଶୀତ ରାଜେଲୀର ଖାସା
ଭୋରର ଛାଇ ଶୀତଳି ପଡ଼ିଥିବା ଛବି
ଆଲୋକକୁ ଜିଡ଼ିଯାଉଥିବା ପବନର
ସାନ୍ତ୍ୱନା
ସବୁ ଏବେ ଆଲୋକୀୟ ବିଷୟ
ଆଖି ଓ ହୃଦୟ ମଧ୍ୟରେ ଚାଲିଥିବା
ଅଜସ୍ର ଆଲୋଚନାର ସ୍ମୃତି
ଦେଖିଲେ।
ସକାଳର ଆଲୋକକୁ ନୀଷ୍କ୍ରିୟ କରିଥିବା
କୁହୁଡ଼ି
ଏବେ ଜାଲୋଗିଛି କରିଦି
ସୋପ ରାନ୍ଧାଯାଇ କପଟରେ
ଜେମିତି ସବୁ ଅନ୍ଧକାର ଲୋଭିଲେ ନିଶ୍ଚିତ
ମିଳିବ ନିଜର ମୁକ୍ତିକୁ ଦେଇ ଆଲୋକ।
-ଧନୁଲେଶ୍ୱର
ମୋ: ୮୭୨୦୯୬୦୦୦୦
ବିଧି
ଅରୁଣ କୁମାର ଦାସ
ମାରାଜନ ଆମି ଜୀବନ ଯାଇ
ଧାର୍ମିକ ଅଧିକ ହୋଇଛି
ଜୋତା ପାଇଁ ପାତି ପାତ୍କି ଦୁଲି
ଚାଲିଯିବ ହୁଏ
ହୋଇ ଦୁଖିଆଙ୍କ ଦୁଃଖ ଭାଙ୍ଗି ଦେଲେ
ମନ୍ଦସୁହୃଦ୍ ଚଳନ୍ତା ବାରିଦେଇ
ଜୀବନ ତାରି
ମାନ୍ଦ୍ର ଭକ୍ତି ଜାଗରଣରେ ଅଟେ।
ପ୍ରକୃତି ନଦୀ ପାରି ଛିନ୍ନ ଗଡ଼ିଲେ ବାଟ
ଯାଉଥିବା
ବରିଥିବ ବଡ଼କି ବି ଯାଇଥାଏ
ଆନଥକ ମିଛ ପାଇଁ ଯାଏ
ବାପାଙ୍କର ମାରିଛନ୍ତି।
ସବୁ ନାଗଜମାଣୀ, କାସ୍ତୁକ, ଲାଗ
ଗୁଗା ପାଏ ଟେଟେବାଗ
ସହା ଲୁଟି ଆସୁଥିବା ବାସନ୍ତିଙ୍କ
ଆସୁନ ହୁଏ ସବା ମାଙ୍ଗ
ଭୁକ୍ତିକ ହୋଇଗଲି କାପୋରେ।
ସବା ପଛ ଧାଡ଼ି ପିଲାଟି ରହେ
ସର୍ବାଧିକ ନନ୍ଦ
ସବୁ ଆଲକେନଙ୍କୁ ପଛରେ ପକାଇ
ଅଧିକାନେଙ୍କ ଅଧିକାରୀଙ୍କୁ
ଭୁଲ ପ୍ରମାଣିତ କରି
ଶିରୋନାମା ପାଲଟେ ତମକର।
ସୁକନ୍ୟ ଜଳର ଭାବି ହୁଏ ନିକଟତ୍ର
ପାଇଁ ସାଏ ଦୁଃଖ କେତେ
ଯିଏ ଯୋଗ ଯତ ବାଉଳା ଧାରି
ଦିଖାଇ ମିଳୁଛି ଉଭରିଛି।
ସବୁ ଦିକ୍ରା, ବିଦ୍ୟୁମା,ତପସ୍ୱର
ଲେକ ଥିବ ଆଲୋକ
ଜାଣି ସାର ମାତି ନୁହେ
ଜୀବନ ହେଉଛି ଅବଳକା।
ଯାହା ମିଲେ ତାହା ଭାଗ୍ୟ
ତାହା ହିଁ ତ ମିଳେ ଯାହା ବାଟୁଛିବା
ଏକା ଶାଶ୍ୱତ କୁବିତ୍ୱା
ଏହାକୁ ବିଧି ଅଟେ ନା ?
❤ ଠାକୁରା, ପ୍ରଭୁଣୀ ବକରାମାଳ,
ଧର୍ମଶାଳା, ଯାଜପୁର
ମୋ: ୯୯୩୮୦୧୮୦୨୪
